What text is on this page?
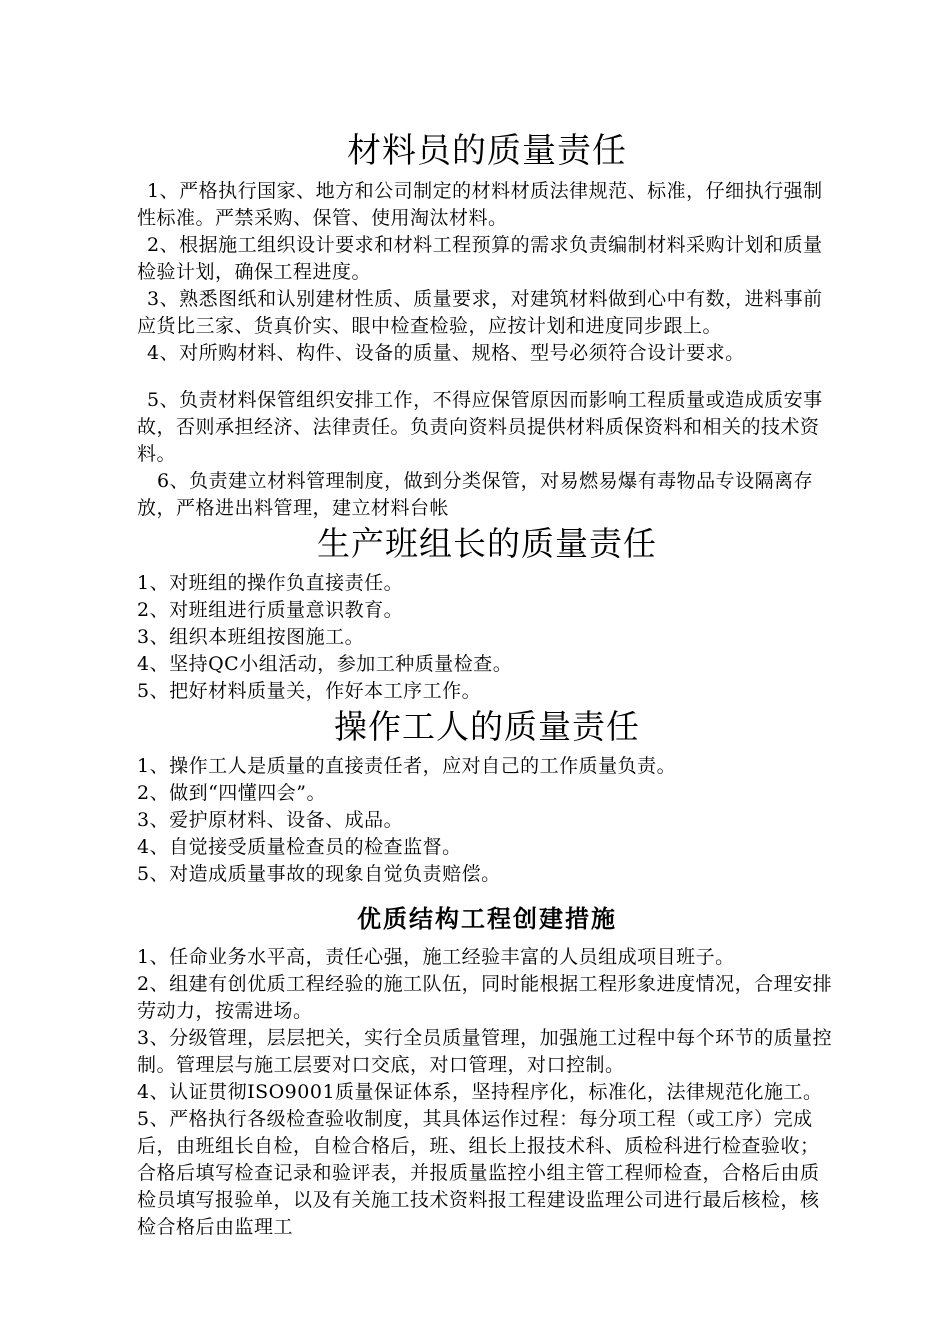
材料员的质量责任

1、严格执行国家、地方和公司制定的材料材质法律规范、标准，仔细执行强制性标准。严禁采购、保管、使用淘汰材料。

2、根据施工组织设计要求和材料工程预算的需求负责编制材料采购计划和质量检验计划，确保工程进度。

3、熟悉图纸和认别建材性质、质量要求，对建筑材料做到心中有数，进料事前应货比三家、货真价实、眼中检查检验，应按计划和进度同步跟上。

4、对所购材料、构件、设备的质量、规格、型号必须符合设计要求。

5、负责材料保管组织安排工作，不得应保管原因而影响工程质量或造成质安事故，否则承担经济、法律责任。负责向资料员提供材料质保资料和相关的技术资料。

6、负责建立材料管理制度，做到分类保管，对易燃易爆有毒物品专设隔离存放，严格进出料管理，建立材料台帐

生产班组长的质量责任

1、对班组的操作负直接责任。

2、对班组进行质量意识教育。

3、组织本班组按图施工。

4、坚持QC小组活动，参加工种质量检查。

5、把好材料质量关，作好本工序工作。

操作工人的质量责任

1、操作工人是质量的直接责任者，应对自己的工作质量负责。

2、做到“四懂四会”。

3、爱护原材料、设备、成品。

4、自觉接受质量检查员的检查监督。

5、对造成质量事故的现象自觉负责赔偿。

优质结构工程创建措施

1、任命业务水平高，责任心强，施工经验丰富的人员组成项目班子。

2、组建有创优质工程经验的施工队伍，同时能根据工程形象进度情况，合理安排劳动力，按需进场。

3、分级管理，层层把关，实行全员质量管理，加强施工过程中每个环节的质量控制。管理层与施工层要对口交底，对口管理，对口控制。

4、认证贯彻ISO9001质量保证体系，坚持程序化，标准化，法律规范化施工。

5、严格执行各级检查验收制度，其具体运作过程：每分项工程（或工序）完成后，由班组长自检，自检合格后，班、组长上报技术科、质检科进行检查验收；合格后填写检查记录和验评表，并报质量监控小组主管工程师检查，合格后由质检员填写报验单，以及有关施工技术资料报工程建设监理公司进行最后核检，核检合格后由监理工
